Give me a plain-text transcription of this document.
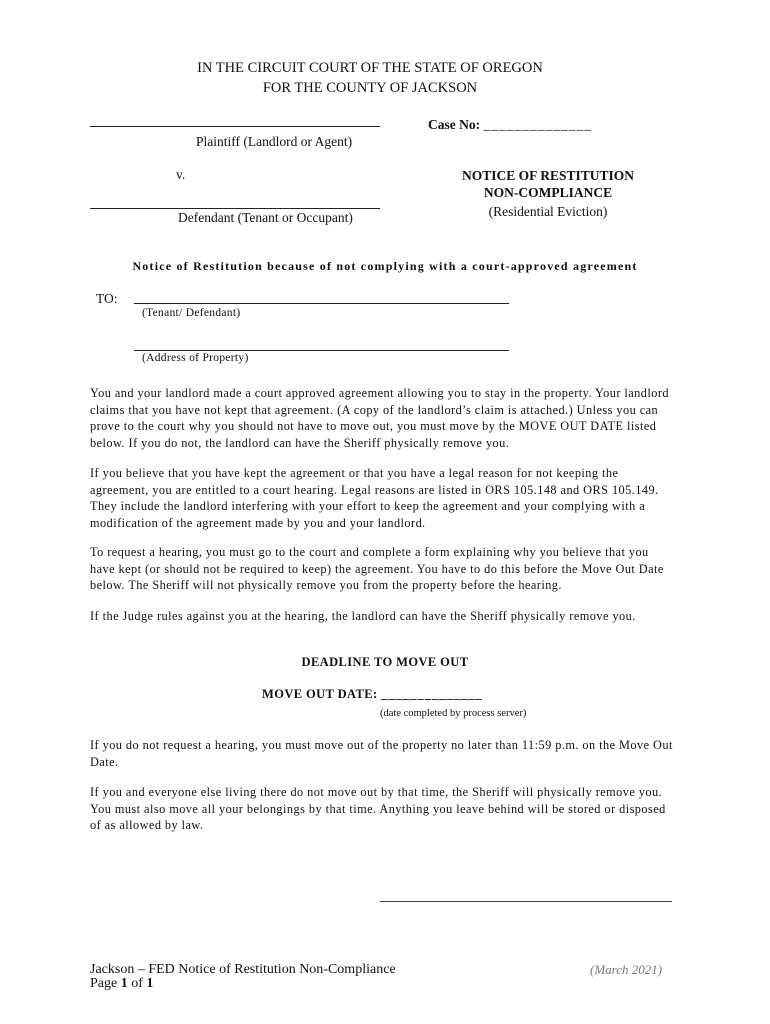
IN THE CIRCUIT COURT OF THE STATE OF OREGON
FOR THE COUNTY OF JACKSON
Plaintiff (Landlord or Agent)
v.
Defendant (Tenant or Occupant)
Case No: ______________
NOTICE OF RESTITUTION
NON-COMPLIANCE
(Residential Eviction)
Notice of Restitution because of not complying with a court-approved agreement
TO:
(Tenant/ Defendant)
(Address of Property)

You and your landlord made a court approved agreement allowing you to stay in the property. Your landlord claims that you have not kept that agreement. (A copy of the landlord’s claim is attached.) Unless you can prove to the court why you should not have to move out, you must move by the MOVE OUT DATE listed below. If you do not, the landlord can have the Sheriff physically remove you.

If you believe that you have kept the agreement or that you have a legal reason for not keeping the agreement, you are entitled to a court hearing. Legal reasons are listed in ORS 105.148 and ORS 105.149. They include the landlord interfering with your effort to keep the agreement and your complying with a modification of the agreement made by you and your landlord.

To request a hearing, you must go to the court and complete a form explaining why you believe that you have kept (or should not be required to keep) the agreement. You have to do this before the Move Out Date below. The Sheriff will not physically remove you from the property before the hearing.

If the Judge rules against you at the hearing, the landlord can have the Sheriff physically remove you.

DEADLINE TO MOVE OUT
MOVE OUT DATE: ______________
(date completed by process server)

If you do not request a hearing, you must move out of the property no later than 11:59 p.m. on the Move Out Date.

If you and everyone else living there do not move out by that time, the Sheriff will physically remove you. You must also move all your belongings by that time. Anything you leave behind will be stored or disposed of as allowed by law.

Jackson – FED Notice of Restitution Non-Compliance
Page 1 of 1
(March 2021)
